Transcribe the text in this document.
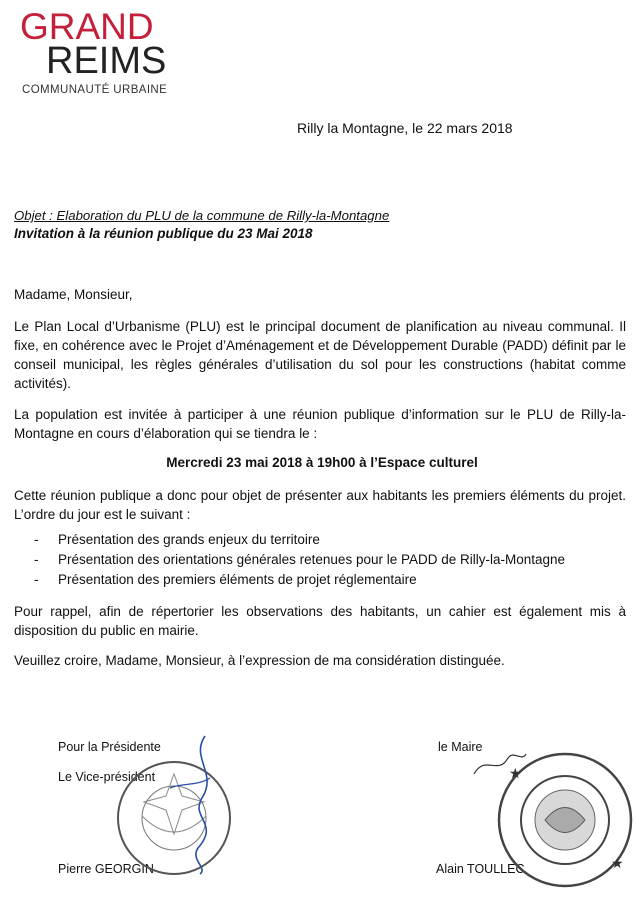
GRAND
REIMS
COMMUNAUTÉ URBAINE
Rilly la Montagne, le 22 mars 2018
Objet : Elaboration du PLU de la commune de Rilly-la-Montagne
Invitation à la réunion publique du 23 Mai 2018
Madame, Monsieur,

Le Plan Local d’Urbanisme (PLU) est le principal document de planification au niveau communal. Il fixe, en cohérence avec le Projet d’Aménagement et de Développement Durable (PADD) définit par le conseil municipal, les règles générales d’utilisation du sol pour les constructions (habitat comme activités).

La population est invitée à participer à une réunion publique d’information sur le PLU de Rilly-la-Montagne en cours d’élaboration qui se tiendra le :

Mercredi 23 mai 2018 à 19h00 à l’Espace culturel

Cette réunion publique a donc pour objet de présenter aux habitants les premiers éléments du projet. L’ordre du jour est le suivant :

- Présentation des grands enjeux du territoire
- Présentation des orientations générales retenues pour le PADD de Rilly-la-Montagne
- Présentation des premiers éléments de projet réglementaire

Pour rappel, afin de répertorier les observations des habitants, un cahier est également mis à disposition du public en mairie.

Veuillez croire, Madame, Monsieur, à l’expression de ma considération distinguée.

Pour la Présidente
Le Vice-président
Pierre GEORGIN
le Maire
Alain TOULLEC
★
★
